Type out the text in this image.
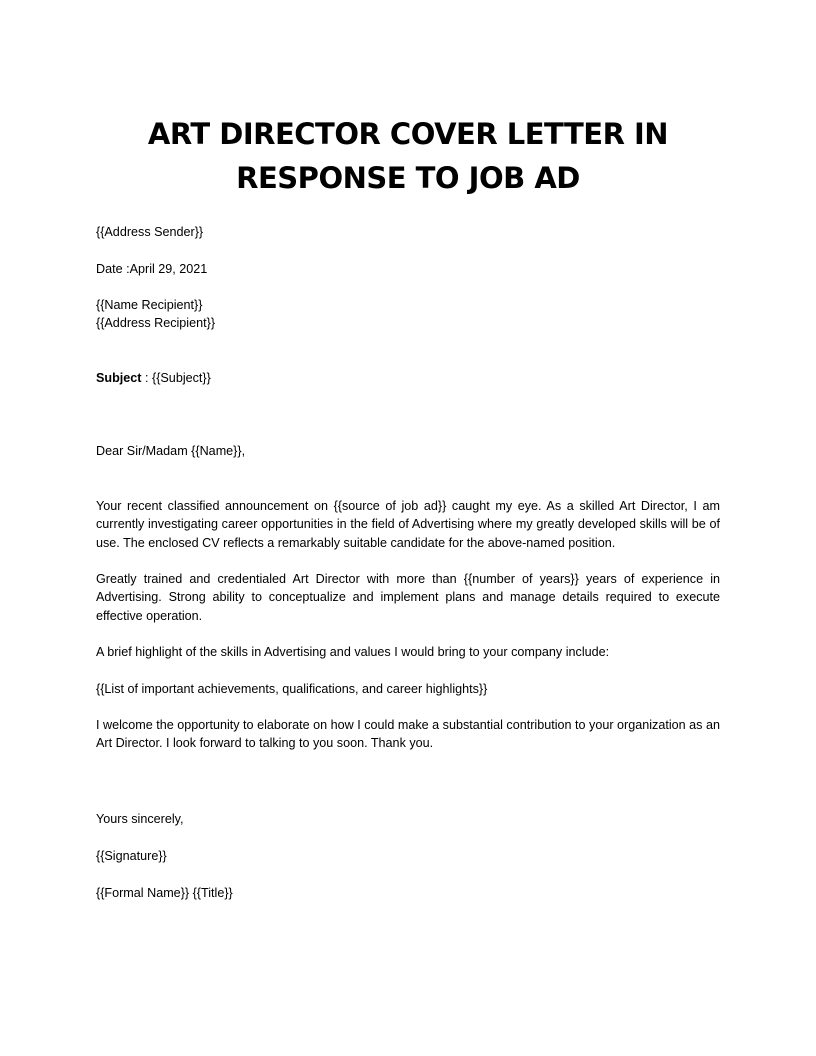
ART DIRECTOR COVER LETTER IN
RESPONSE TO JOB AD

{{Address Sender}}

Date :April 29, 2021

{{Name Recipient}}

{{Address Recipient}}

Subject : {{Subject}}

Dear Sir/Madam {{Name}},

Your recent classified announcement on {{source of job ad}} caught my eye. As a skilled Art Director, I am currently investigating career opportunities in the field of Advertising where my greatly developed skills will be of use. The enclosed CV reflects a remarkably suitable candidate for the above-named position.

Greatly trained and credentialed Art Director with more than {{number of years}} years of experience in Advertising. Strong ability to conceptualize and implement plans and manage details required to execute effective operation.

A brief highlight of the skills in Advertising and values I would bring to your company include:

{{List of important achievements, qualifications, and career highlights}}

I welcome the opportunity to elaborate on how I could make a substantial contribution to your organization as an Art Director. I look forward to talking to you soon. Thank you.

Yours sincerely,

{{Signature}}

{{Formal Name}} {{Title}}
